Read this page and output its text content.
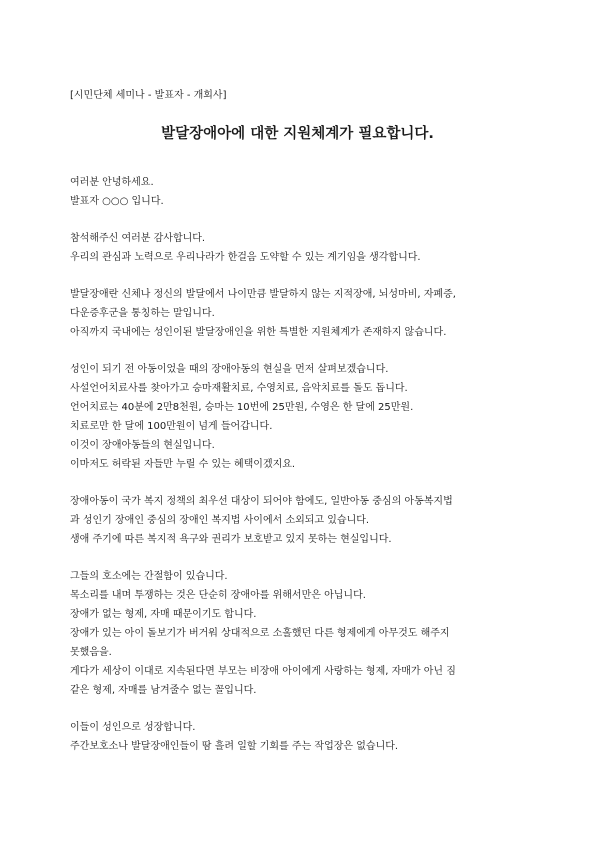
[시민단체 세미나 - 발표자 - 개회사]
발달장애아에 대한 지원체계가 필요합니다.
여러분 안녕하세요.
발표자 ○○○ 입니다.
참석해주신 여러분 감사합니다.
우리의 관심과 노력으로 우리나라가 한걸음 도약할 수 있는 계기임을 생각합니다.
발달장애란 신체나 정신의 발달에서 나이만큼 발달하지 않는 지적장애, 뇌성마비, 자폐증,
다운증후군을 통칭하는 말입니다.
아직까지 국내에는 성인이된 발달장애인을 위한 특별한 지원체계가 존재하지 않습니다.
성인이 되기 전 아동이었을 때의 장애아동의 현실을 먼저 살펴보겠습니다.
사설언어치료사를 찾아가고 승마재활치료, 수영치료, 음악치료를 돌도 돕니다.
언어치료는 40분에 2만8천원, 승마는 10번에 25만원, 수영은 한 달에 25만원.
치료로만 한 달에 100만원이 넘게 들어갑니다.
이것이 장애아동들의 현실입니다.
이마저도 허락된 자들만 누릴 수 있는 혜택이겠지요.
장애아동이 국가 복지 정책의 최우선 대상이 되어야 함에도, 일반아동 중심의 아동복지법
과 성인기 장애인 중심의 장애인 복지법 사이에서 소외되고 있습니다.
생애 주기에 따른 복지적 욕구와 권리가 보호받고 있지 못하는 현실입니다.
그들의 호소에는 간절함이 있습니다.
목소리를 내며 투쟁하는 것은 단순히 장애아를 위해서만은 아닙니다.
장애가 없는 형제, 자매 때문이기도 합니다.
장애가 있는 아이 돌보기가 버거워 상대적으로 소홀했던 다른 형제에게 아무것도 해주지
못했음을.
게다가 세상이 이대로 지속된다면 부모는 비장애 아이에게 사랑하는 형제, 자매가 아닌 짐
같은 형제, 자매를 남겨줄수 없는 꼴입니다.
이들이 성인으로 성장합니다.
주간보호소나 발달장애인들이 땀 흘려 일할 기회를 주는 작업장은 없습니다.
